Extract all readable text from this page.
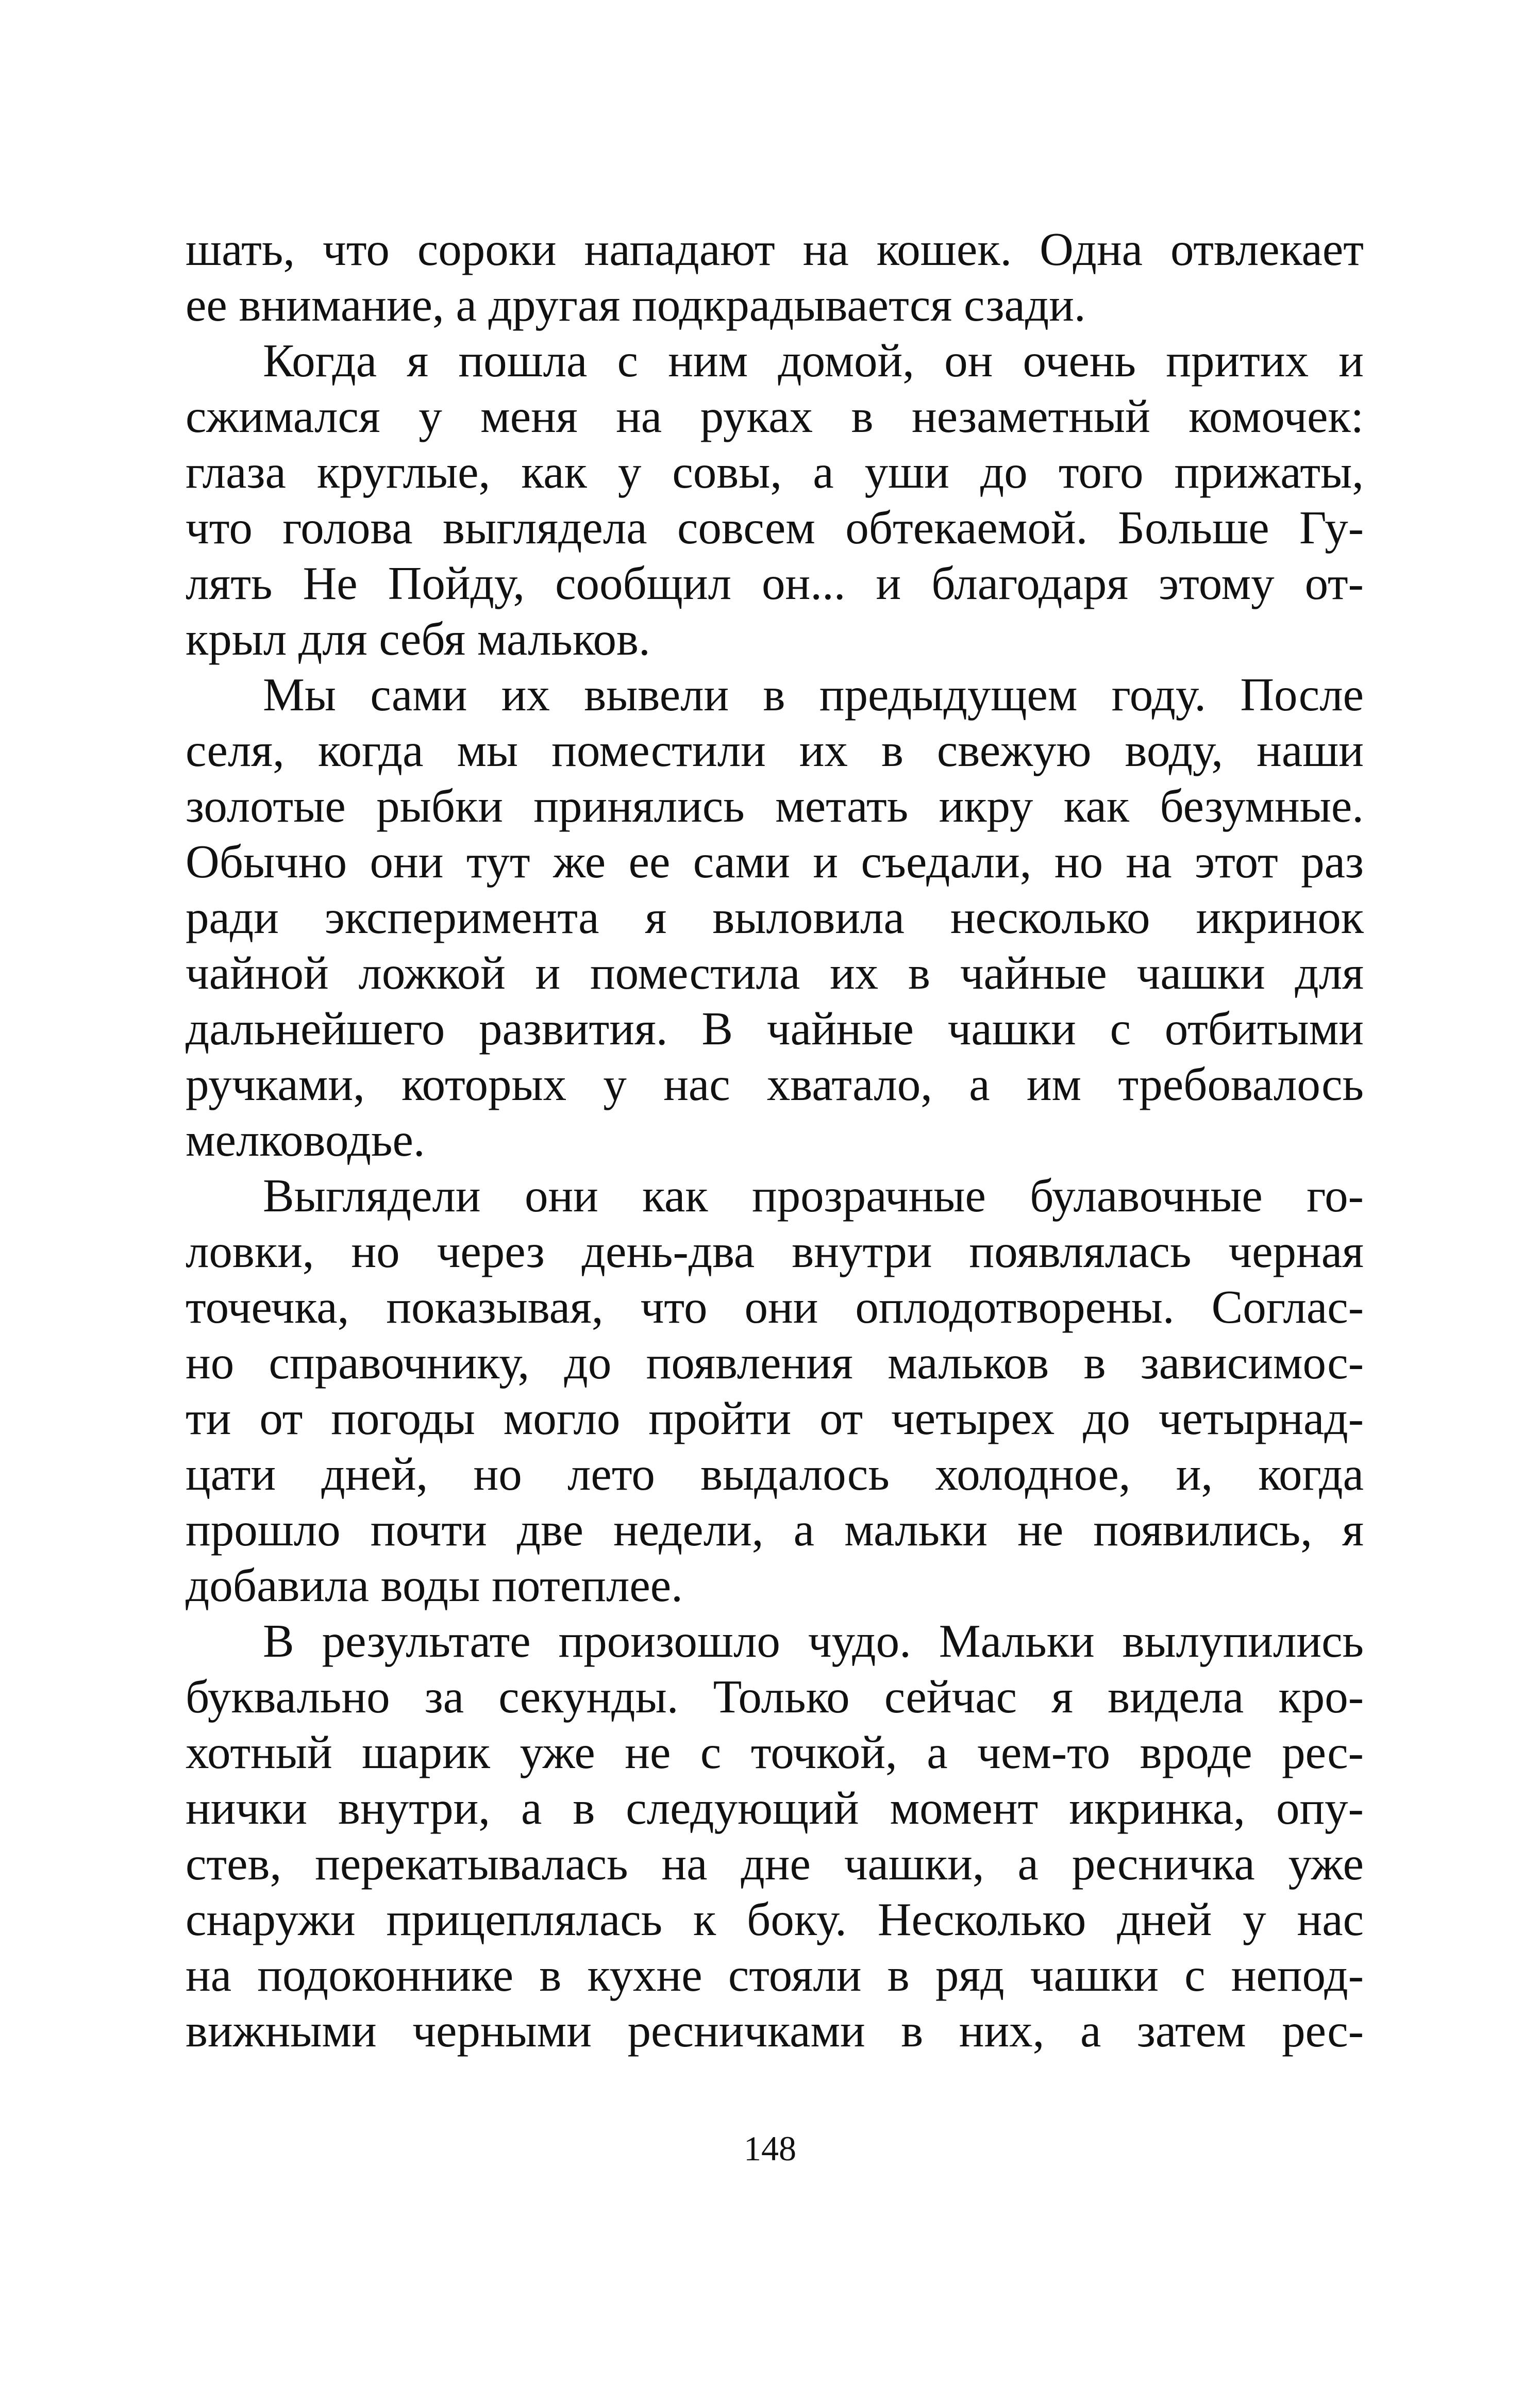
шать, что сороки нападают на кошек. Одна отвлекает
ее внимание, а другая подкрадывается сзади.
Когда я пошла с ним домой, он очень притих и
сжимался у меня на руках в незаметный комочек:
глаза круглые, как у совы, а уши до того прижаты,
что голова выглядела совсем обтекаемой. Больше Гу-
лять Не Пойду, сообщил он... и благодаря этому от-
крыл для себя мальков.
Мы сами их вывели в предыдущем году. После
селя, когда мы поместили их в свежую воду, наши
золотые рыбки принялись метать икру как безумные.
Обычно они тут же ее сами и съедали, но на этот раз
ради эксперимента я выловила несколько икринок
чайной ложкой и поместила их в чайные чашки для
дальнейшего развития. В чайные чашки с отбитыми
ручками, которых у нас хватало, а им требовалось
мелководье.
Выглядели они как прозрачные булавочные го-
ловки, но через день-два внутри появлялась черная
точечка, показывая, что они оплодотворены. Соглас-
но справочнику, до появления мальков в зависимос-
ти от погоды могло пройти от четырех до четырнад-
цати дней, но лето выдалось холодное, и, когда
прошло почти две недели, а мальки не появились, я
добавила воды потеплее.
В результате произошло чудо. Мальки вылупились
буквально за секунды. Только сейчас я видела кро-
хотный шарик уже не с точкой, а чем-то вроде рес-
нички внутри, а в следующий момент икринка, опу-
стев, перекатывалась на дне чашки, а ресничка уже
снаружи прицеплялась к боку. Несколько дней у нас
на подоконнике в кухне стояли в ряд чашки с непод-
вижными черными ресничками в них, а затем рес-
148
